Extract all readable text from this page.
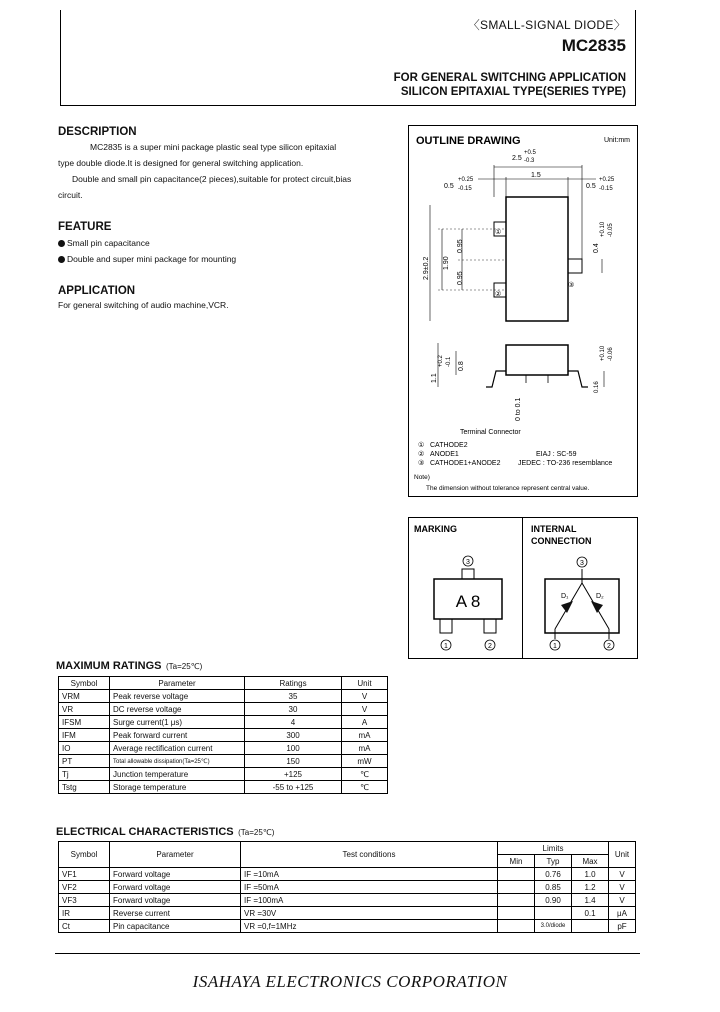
〈SMALL-SIGNAL DIODE〉
MC2835
FOR GENERAL SWITCHING APPLICATION
SILICON EPITAXIAL TYPE(SERIES TYPE)
DESCRIPTION
MC2835 is a super mini package plastic seal type silicon epitaxial
type double diode.It is designed for general switching application.
Double and small pin capacitance(2 pieces),suitable for protect circuit,bias
circuit.
FEATURE
Small pin capacitance
Double and super mini package for mounting
APPLICATION
For general switching of audio machine,VCR.
OUTLINE DRAWING	Unit:mm
①
②
③
2.5
+0.5
-0.3
1.5
0.5
+0.25
-0.15	0.5
+0.25
-0.15
2.9±0.2 1.90
0.95
0.95
0.4
+0.10 -0.05
1.1
+0.2 -0.1 0.8
0 to 0.1
0.16
+0.10 -0.06
Terminal Connector
① CATHODE2
② ANODE1
③ CATHODE1+ANODE2
EIAJ : SC-59
JEDEC : TO-236 resemblance
Note)
The dimension without tolerance represent central value.
MARKING
A 8
3
1	2
INTERNAL
CONNECTION
D₁	D₂
3
1	2
MAXIMUM RATINGS (Ta=25℃)
Symbol	Parameter	Ratings	Unit
VRM	Peak reverse voltage	35	V
VR	DC reverse voltage	30	V
IFSM	Surge current(1 μs)	4	A
IFM	Peak forward current	300	mA
IO	Average rectification current	100	mA
PT	Total allowable dissipation(Ta=25℃)	150	mW
Tj	Junction temperature	+125	℃
Tstg	Storage temperature	-55 to +125	℃
ELECTRICAL CHARACTERISTICS (Ta=25℃)
Symbol	Parameter	Test conditions	Limits			Unit
			Min	Typ	Max	
VF1	Forward voltage	IF =10mA		0.76	1.0	V
VF2	Forward voltage	IF =50mA		0.85	1.2	V
VF3	Forward voltage	IF =100mA		0.90	1.4	V
IR	Reverse current	VR =30V			0.1	μA
Ct	Pin capacitance	VR =0,f=1MHz		3.0/diode		pF
ISAHAYA ELECTRONICS CORPORATION
